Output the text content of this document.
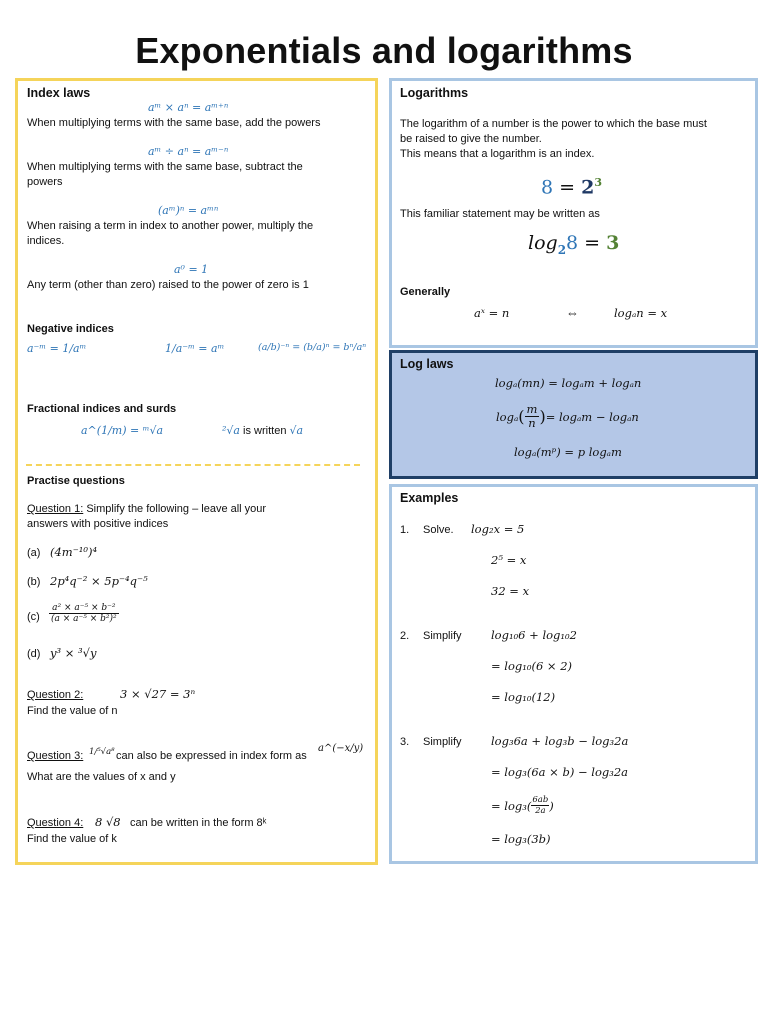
Exponentials and logarithms
Index laws
aᵐ × aⁿ = aᵐ⁺ⁿ
When multiplying terms with the same base, add the powers
aᵐ ÷ aⁿ = aᵐ⁻ⁿ
When multiplying terms with the same base, subtract the
powers
(aᵐ)ⁿ = aᵐⁿ
When raising a term in index to another power, multiply the
indices.
a⁰ = 1
Any term (other than zero) raised to the power of zero is 1
Negative indices
a⁻ᵐ = 1/aᵐ	1/a⁻ᵐ = aᵐ	(a/b)⁻ⁿ = (b/a)ⁿ = bⁿ/aⁿ
Fractional indices and surds
a^(1/m) = ᵐ√a	²√a is written √a
Practise questions
Question 1: Simplify the following – leave all your
answers with positive indices
(a) (4m⁻¹⁰)⁴
(b) 2p⁴q⁻² × 5p⁻⁴q⁻⁵
$(c) \frac{\text{a² × a⁻⁵ × b⁻²}}{\text{(a × a⁻⁵ × b²)²}}$
(d) y³ × ³√y
Question 2:	3 × √27 = 3ⁿ
Find the value of n
Question 3: 1/⁵√a⁸ can also be expressed in index form as
a^(−x/y)
What are the values of x and y
Question 4: 8 √8 can be written in the form 8ᵏ
Find the value of k
Logarithms
The logarithm of a number is the power to which the base must
be raised to give the number.
This means that a logarithm is an index.
$8 = 2^3$
This familiar statement may be written as
$\log_28 = 3$
Generally
aˣ = n	⇔	logₐn = x
Log laws
logₐ(mn) = logₐm + logₐn
logₐ ( $\frac{m}{n}$ ) = logₐm − logₐn
logₐ(mᵖ) = p logₐm
Examples
1. Solve. log₂x = 5
2⁵ = x
32 = x
2. Simplify	log₁₀6 + log₁₀2
= log₁₀(6 × 2)
= log₁₀(12)
3. Simplify	log₃6a + log₃b − log₃2a
= log₃(6a × b) − log₃2a
= $\log_3( \frac{6ab}{2a}$ )
= log₃(3b)
